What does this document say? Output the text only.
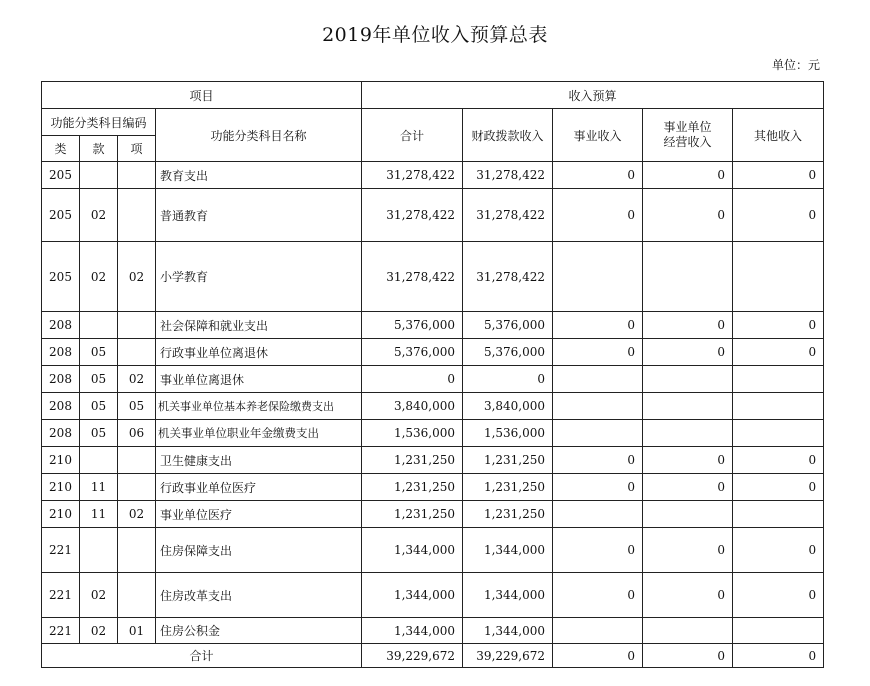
2019年单位收入预算总表
单位：元
项目				收入预算				
功能分类科目编码			功能分类科目名称	合计	财政拨款收入	事业收入	事业单位
经营收入	其他收入
类	款	项						
205			教育支出	31,278,422	31,278,422	0	0	0
205	02		普通教育	31,278,422	31,278,422	0	0	0
205	02	02	小学教育	31,278,422	31,278,422			
208			社会保障和就业支出	5,376,000	5,376,000	0	0	0
208	05		行政事业单位离退休	5,376,000	5,376,000	0	0	0
208	05	02	事业单位离退休	0	0			
208	05	05	机关事业单位基本养老保险缴费支出	3,840,000	3,840,000			
208	05	06	机关事业单位职业年金缴费支出	1,536,000	1,536,000			
210			卫生健康支出	1,231,250	1,231,250	0	0	0
210	11		行政事业单位医疗	1,231,250	1,231,250	0	0	0
210	11	02	事业单位医疗	1,231,250	1,231,250			
221			住房保障支出	1,344,000	1,344,000	0	0	0
221	02		住房改革支出	1,344,000	1,344,000	0	0	0
221	02	01	住房公积金	1,344,000	1,344,000			
合计				39,229,672	39,229,672	0	0	0
